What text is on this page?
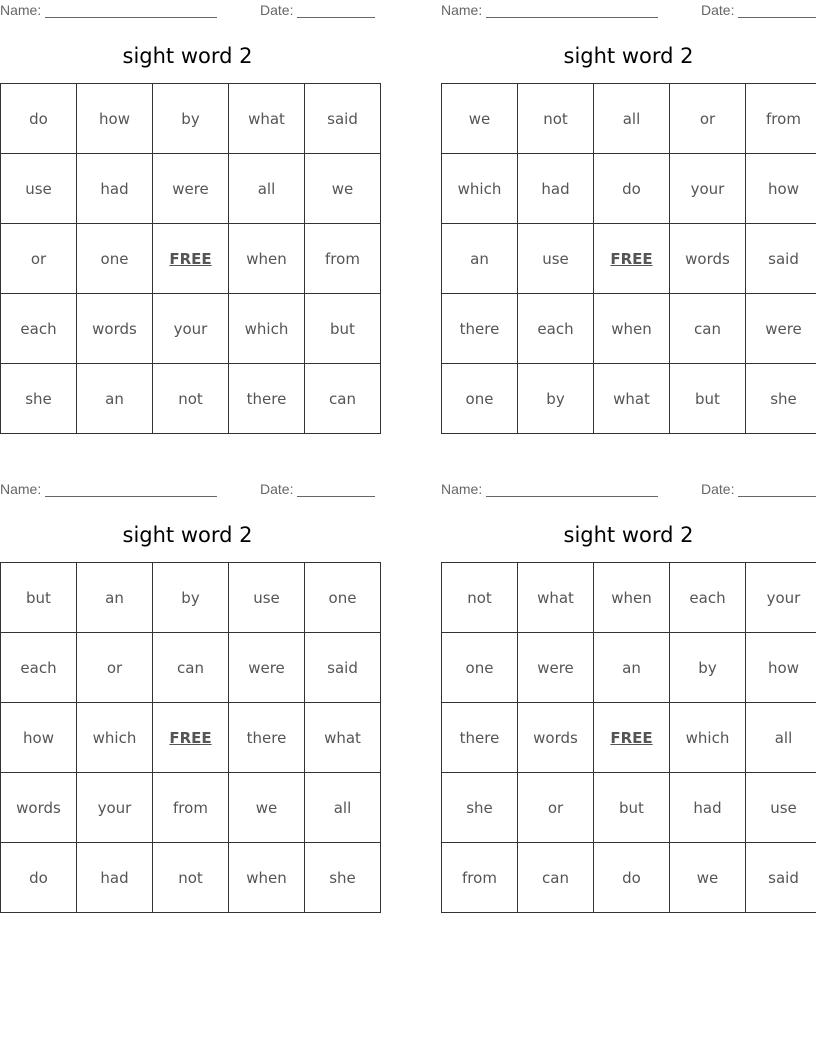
Name:	Date:
sight word 2
do	how	by	what	said
use	had	were	all	we
or	one	FREE	when	from
each	words	your	which	but
she	an	not	there	can
Name:	Date:
sight word 2
we	not	all	or	from
which	had	do	your	how
an	use	FREE	words	said
there	each	when	can	were
one	by	what	but	she
Name:	Date:
sight word 2
but	an	by	use	one
each	or	can	were	said
how	which	FREE	there	what
words	your	from	we	all
do	had	not	when	she
Name:	Date:
sight word 2
not	what	when	each	your
one	were	an	by	how
there	words	FREE	which	all
she	or	but	had	use
from	can	do	we	said
